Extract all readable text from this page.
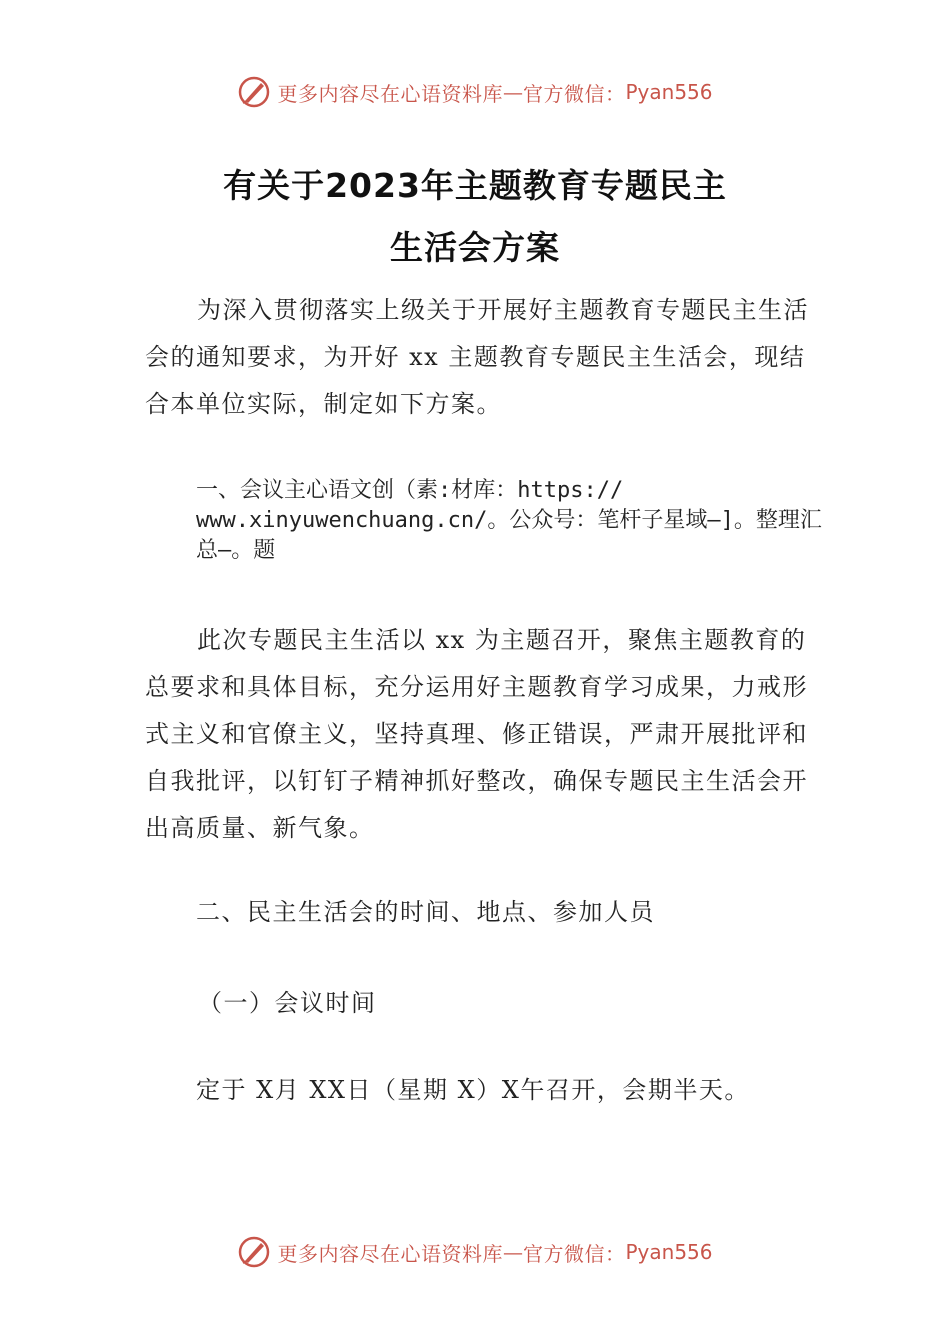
更多内容尽在心语资料库 — 官方微信： Pyan556
有关于2023年主题教育专题民主
生活会方案

为深入贯彻落实上级关于开展好主题教育专题民主生活会的通知要求，为开好 xx 主题教育专题民主生活会，现结合本单位实际，制定如下方案。

一、会议主心语文创（素:材库：https:// www.xinyuwenchuang.cn/。公众号：笔杆子星域—]。整理汇总—。题

此次专题民主生活以 xx 为主题召开，聚焦主题教育的总要求和具体目标，充分运用好主题教育学习成果，力戒形式主义和官僚主义，坚持真理、修正错误，严肃开展批评和自我批评，以钉钉子精神抓好整改，确保专题民主生活会开出高质量、新气象。

二、民主生活会的时间、地点、参加人员

（一）会议时间

定于 X月 XX日（星期 X）X午召开，会期半天。

更多内容尽在心语资料库 — 官方微信： Pyan556
